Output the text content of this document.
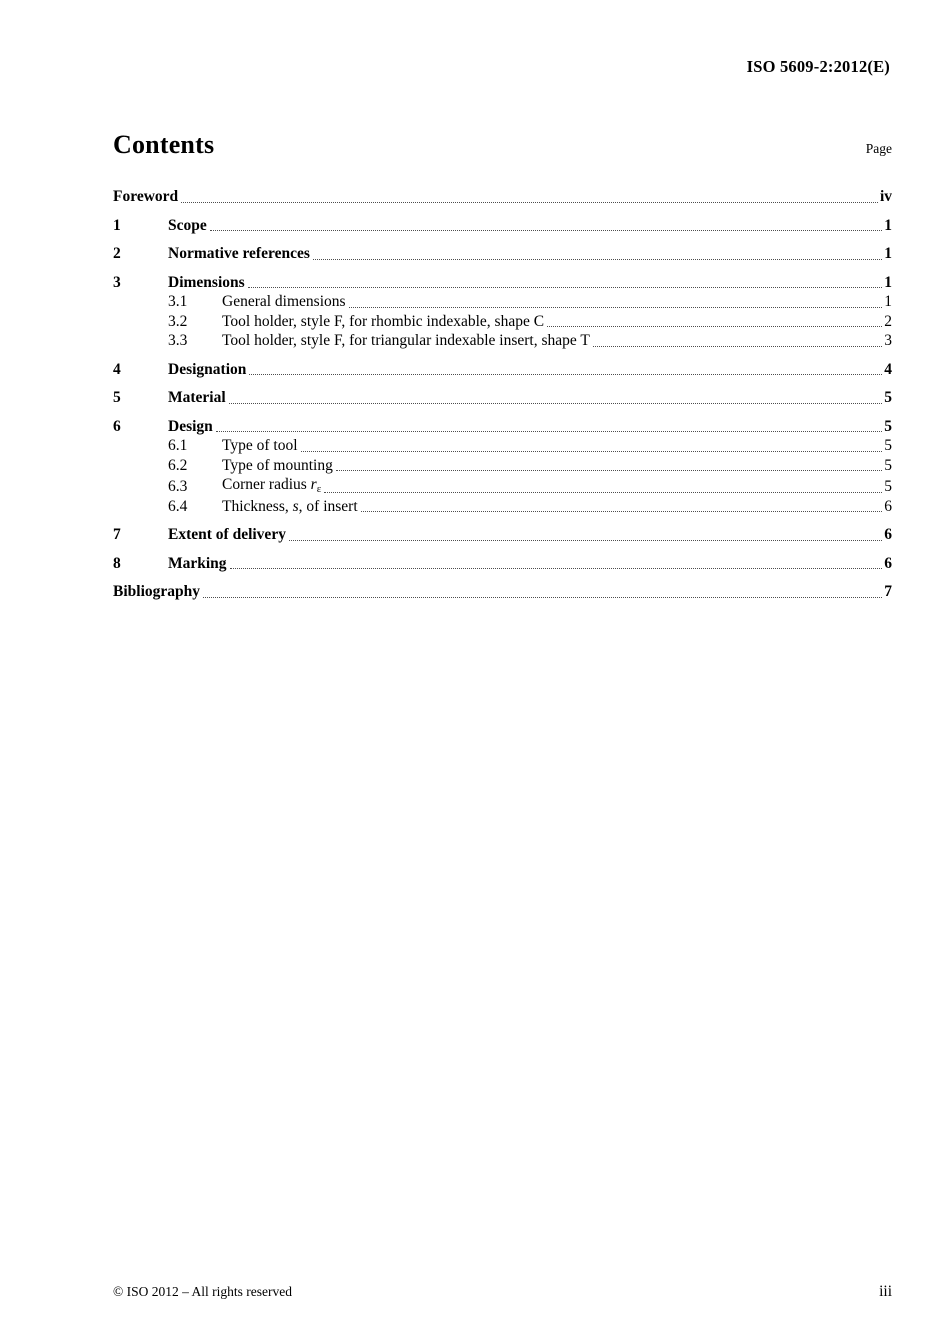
ISO 5609-2:2012(E)
Contents	Page
Foreword	iv
1	Scope	1
2	Normative references	1
3	Dimensions	1
3.1	General dimensions	1
3.2	Tool holder, style F, for rhombic indexable, shape C	2
3.3	Tool holder, style F, for triangular indexable insert, shape T	3
4	Designation	4
5	Material	5
6	Design	5
6.1	Type of tool	5
6.2	Type of mounting	5
6.3	Corner radius rε	5
6.4	Thickness, s, of insert	6
7	Extent of delivery	6
8	Marking	6
Bibliography	7
© ISO 2012 – All rights reserved	iii
